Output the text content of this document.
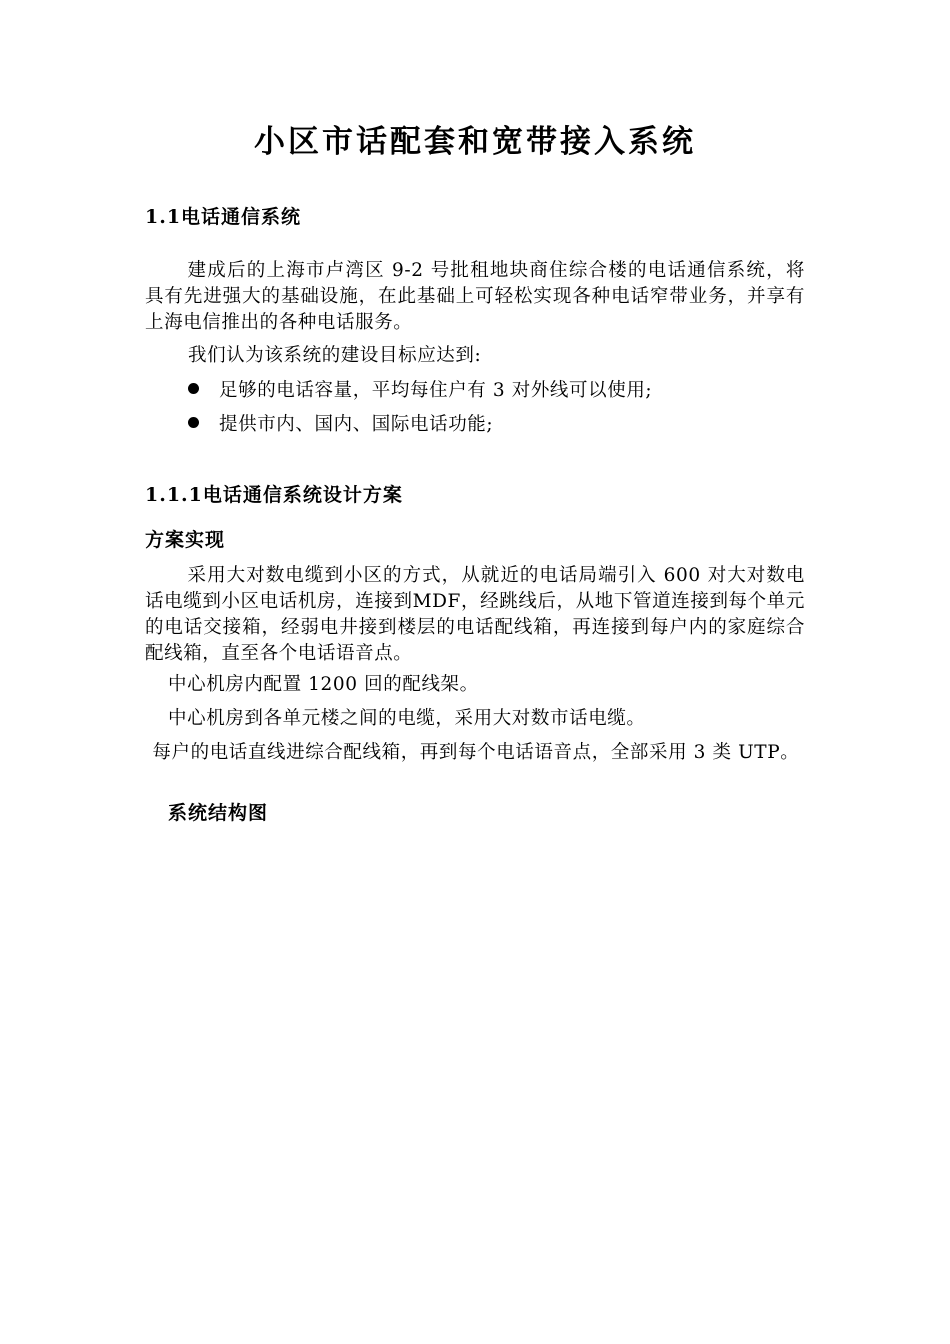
小区市话配套和宽带接入系统
1.1电话通信系统

建成后的上海市卢湾区 9-2 号批租地块商住综合楼的电话通信系统，将具有先进强大的基础设施，在此基础上可轻松实现各种电话窄带业务，并享有上海电信推出的各种电话服务。

我们认为该系统的建设目标应达到:

足够的电话容量，平均每住户有 3 对外线可以使用;
提供市内、国内、国际电话功能;
1.1.1电话通信系统设计方案
方案实现

采用大对数电缆到小区的方式，从就近的电话局端引入 600 对大对数电话电缆到小区电话机房，连接到MDF，经跳线后，从地下管道连接到每个单元的电话交接箱，经弱电井接到楼层的电话配线箱，再连接到每户内的家庭综合配线箱，直至各个电话语音点。

中心机房内配置 1200 回的配线架。

中心机房到各单元楼之间的电缆，采用大对数市话电缆。

每户的电话直线进综合配线箱，再到每个电话语音点，全部采用 3 类 UTP。

系统结构图
